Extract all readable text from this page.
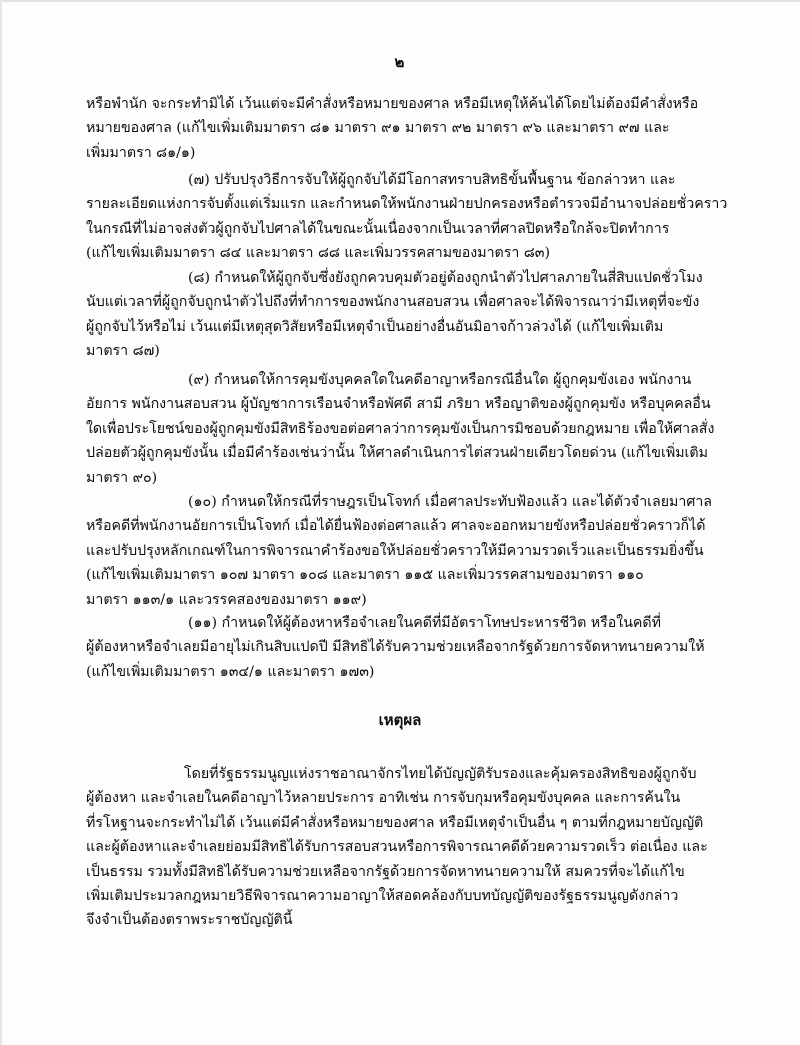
๒
หรือพำนัก จะกระทำมิได้ เว้นแต่จะมีคำสั่งหรือหมายของศาล หรือมีเหตุให้ค้นได้โดยไม่ต้องมีคำสั่งหรือ
หมายของศาล (แก้ไขเพิ่มเติมมาตรา ๘๑ มาตรา ๙๑ มาตรา ๙๒ มาตรา ๙๖ และมาตรา ๙๗ และ
เพิ่มมาตรา ๘๑/๑)
(๗) ปรับปรุงวิธีการจับให้ผู้ถูกจับได้มีโอกาสทราบสิทธิขั้นพื้นฐาน ข้อกล่าวหา และ
รายละเอียดแห่งการจับตั้งแต่เริ่มแรก และกำหนดให้พนักงานฝ่ายปกครองหรือตำรวจมีอำนาจปล่อยชั่วคราว
ในกรณีที่ไม่อาจส่งตัวผู้ถูกจับไปศาลได้ในขณะนั้นเนื่องจากเป็นเวลาที่ศาลปิดหรือใกล้จะปิดทำการ
(แก้ไขเพิ่มเติมมาตรา ๘๔ และมาตรา ๘๘ และเพิ่มวรรคสามของมาตรา ๘๓)
(๘) กำหนดให้ผู้ถูกจับซึ่งยังถูกควบคุมตัวอยู่ต้องถูกนำตัวไปศาลภายในสี่สิบแปดชั่วโมง
นับแต่เวลาที่ผู้ถูกจับถูกนำตัวไปถึงที่ทำการของพนักงานสอบสวน เพื่อศาลจะได้พิจารณาว่ามีเหตุที่จะขัง
ผู้ถูกจับไว้หรือไม่ เว้นแต่มีเหตุสุดวิสัยหรือมีเหตุจำเป็นอย่างอื่นอันมิอาจก้าวล่วงได้ (แก้ไขเพิ่มเติม
มาตรา ๘๗)
(๙) กำหนดให้การคุมขังบุคคลใดในคดีอาญาหรือกรณีอื่นใด ผู้ถูกคุมขังเอง พนักงาน
อัยการ พนักงานสอบสวน ผู้บัญชาการเรือนจำหรือพัศดี สามี ภริยา หรือญาติของผู้ถูกคุมขัง หรือบุคคลอื่น
ใดเพื่อประโยชน์ของผู้ถูกคุมขังมีสิทธิร้องขอต่อศาลว่าการคุมขังเป็นการมิชอบด้วยกฎหมาย เพื่อให้ศาลสั่ง
ปล่อยตัวผู้ถูกคุมขังนั้น เมื่อมีคำร้องเช่นว่านั้น ให้ศาลดำเนินการไต่สวนฝ่ายเดียวโดยด่วน (แก้ไขเพิ่มเติม
มาตรา ๙๐)
(๑๐) กำหนดให้กรณีที่ราษฎรเป็นโจทก์ เมื่อศาลประทับฟ้องแล้ว และได้ตัวจำเลยมาศาล
หรือคดีที่พนักงานอัยการเป็นโจทก์ เมื่อได้ยื่นฟ้องต่อศาลแล้ว ศาลจะออกหมายขังหรือปล่อยชั่วคราวก็ได้
และปรับปรุงหลักเกณฑ์ในการพิจารณาคำร้องขอให้ปล่อยชั่วคราวให้มีความรวดเร็วและเป็นธรรมยิ่งขึ้น
(แก้ไขเพิ่มเติมมาตรา ๑๐๗ มาตรา ๑๐๘ และมาตรา ๑๑๕ และเพิ่มวรรคสามของมาตรา ๑๑๐
มาตรา ๑๑๓/๑ และวรรคสองของมาตรา ๑๑๙)
(๑๑) กำหนดให้ผู้ต้องหาหรือจำเลยในคดีที่มีอัตราโทษประหารชีวิต หรือในคดีที่
ผู้ต้องหาหรือจำเลยมีอายุไม่เกินสิบแปดปี มีสิทธิได้รับความช่วยเหลือจากรัฐด้วยการจัดหาทนายความให้
(แก้ไขเพิ่มเติมมาตรา ๑๓๔/๑ และมาตรา ๑๗๓)
เหตุผล
โดยที่รัฐธรรมนูญแห่งราชอาณาจักรไทยได้บัญญัติรับรองและคุ้มครองสิทธิของผู้ถูกจับ
ผู้ต้องหา และจำเลยในคดีอาญาไว้หลายประการ อาทิเช่น การจับกุมหรือคุมขังบุคคล และการค้นใน
ที่รโหฐานจะกระทำไม่ได้ เว้นแต่มีคำสั่งหรือหมายของศาล หรือมีเหตุจำเป็นอื่น ๆ ตามที่กฎหมายบัญญัติ
และผู้ต้องหาและจำเลยย่อมมีสิทธิได้รับการสอบสวนหรือการพิจารณาคดีด้วยความรวดเร็ว ต่อเนื่อง และ
เป็นธรรม รวมทั้งมีสิทธิได้รับความช่วยเหลือจากรัฐด้วยการจัดหาทนายความให้ สมควรที่จะได้แก้ไข
เพิ่มเติมประมวลกฎหมายวิธีพิจารณาความอาญาให้สอดคล้องกับบทบัญญัติของรัฐธรรมนูญดังกล่าว
จึงจำเป็นต้องตราพระราชบัญญัตินี้
